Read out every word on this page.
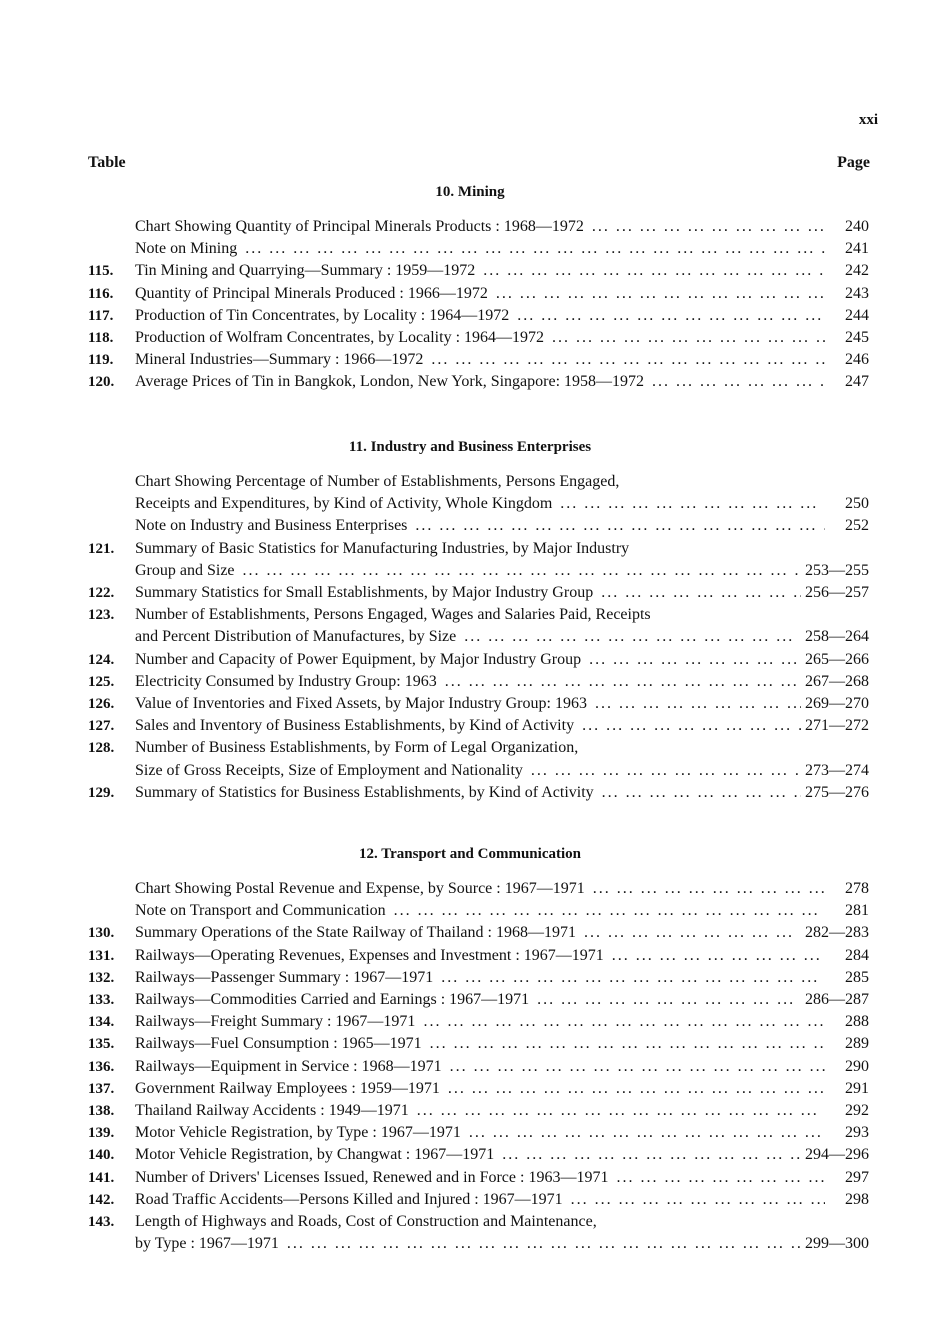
xxi
Table	Page
10. Mining
Chart Showing Quantity of Principal Minerals Products : 1968—1972 ... .	240
Note on Mining ... .	241
115. Tin Mining and Quarrying—Summary : 1959—1972 ... .	242
116. Quantity of Principal Minerals Produced : 1966—1972 ... .	243
117. Production of Tin Concentrates, by Locality : 1964—1972 ... .	244
118. Production of Wolfram Concentrates, by Locality : 1964—1972 ... .	245
119. Mineral Industries—Summary : 1966—1972 ... .	246
120. Average Prices of Tin in Bangkok, London, New York, Singapore: 1958—1972 ... .	247
11. Industry and Business Enterprises
Chart Showing Percentage of Number of Establishments, Persons Engaged,
Receipts and Expenditures, by Kind of Activity, Whole Kingdom ... .	250
Note on Industry and Business Enterprises ... .	252
121. Summary of Basic Statistics for Manufacturing Industries, by Major Industry
Group and Size ... .	253—255
122. Summary Statistics for Small Establishments, by Major Industry Group ... .	256—257
123. Number of Establishments, Persons Engaged, Wages and Salaries Paid, Receipts
and Percent Distribution of Manufactures, by Size ... .	258—264
124. Number and Capacity of Power Equipment, by Major Industry Group ... .	265—266
125. Electricity Consumed by Industry Group: 1963 ... .	267—268
126. Value of Inventories and Fixed Assets, by Major Industry Group: 1963 ... .	269—270
127. Sales and Inventory of Business Establishments, by Kind of Activity ... .	271—272
128. Number of Business Establishments, by Form of Legal Organization,
Size of Gross Receipts, Size of Employment and Nationality ... .	273—274
129. Summary of Statistics for Business Establishments, by Kind of Activity ... .	275—276
12. Transport and Communication
Chart Showing Postal Revenue and Expense, by Source : 1967—1971 ... .	278
Note on Transport and Communication ... .	281
130. Summary Operations of the State Railway of Thailand : 1968—1971 ... .	282—283
131. Railways—Operating Revenues, Expenses and Investment : 1967—1971 ... .	284
132. Railways—Passenger Summary : 1967—1971 ... .	285
133. Railways—Commodities Carried and Earnings : 1967—1971 ... .	286—287
134. Railways—Freight Summary : 1967—1971 ... .	288
135. Railways—Fuel Consumption : 1965—1971 ... .	289
136. Railways—Equipment in Service : 1968—1971 ... .	290
137. Government Railway Employees : 1959—1971 ... .	291
138. Thailand Railway Accidents : 1949—1971 ... .	292
139. Motor Vehicle Registration, by Type : 1967—1971 ... .	293
140. Motor Vehicle Registration, by Changwat : 1967—1971 ... .	294—296
141. Number of Drivers' Licenses Issued, Renewed and in Force : 1963—1971 ... .	297
142. Road Traffic Accidents—Persons Killed and Injured : 1967—1971 ... .	298
143. Length of Highways and Roads, Cost of Construction and Maintenance,
by Type : 1967—1971 ... .	299—300
